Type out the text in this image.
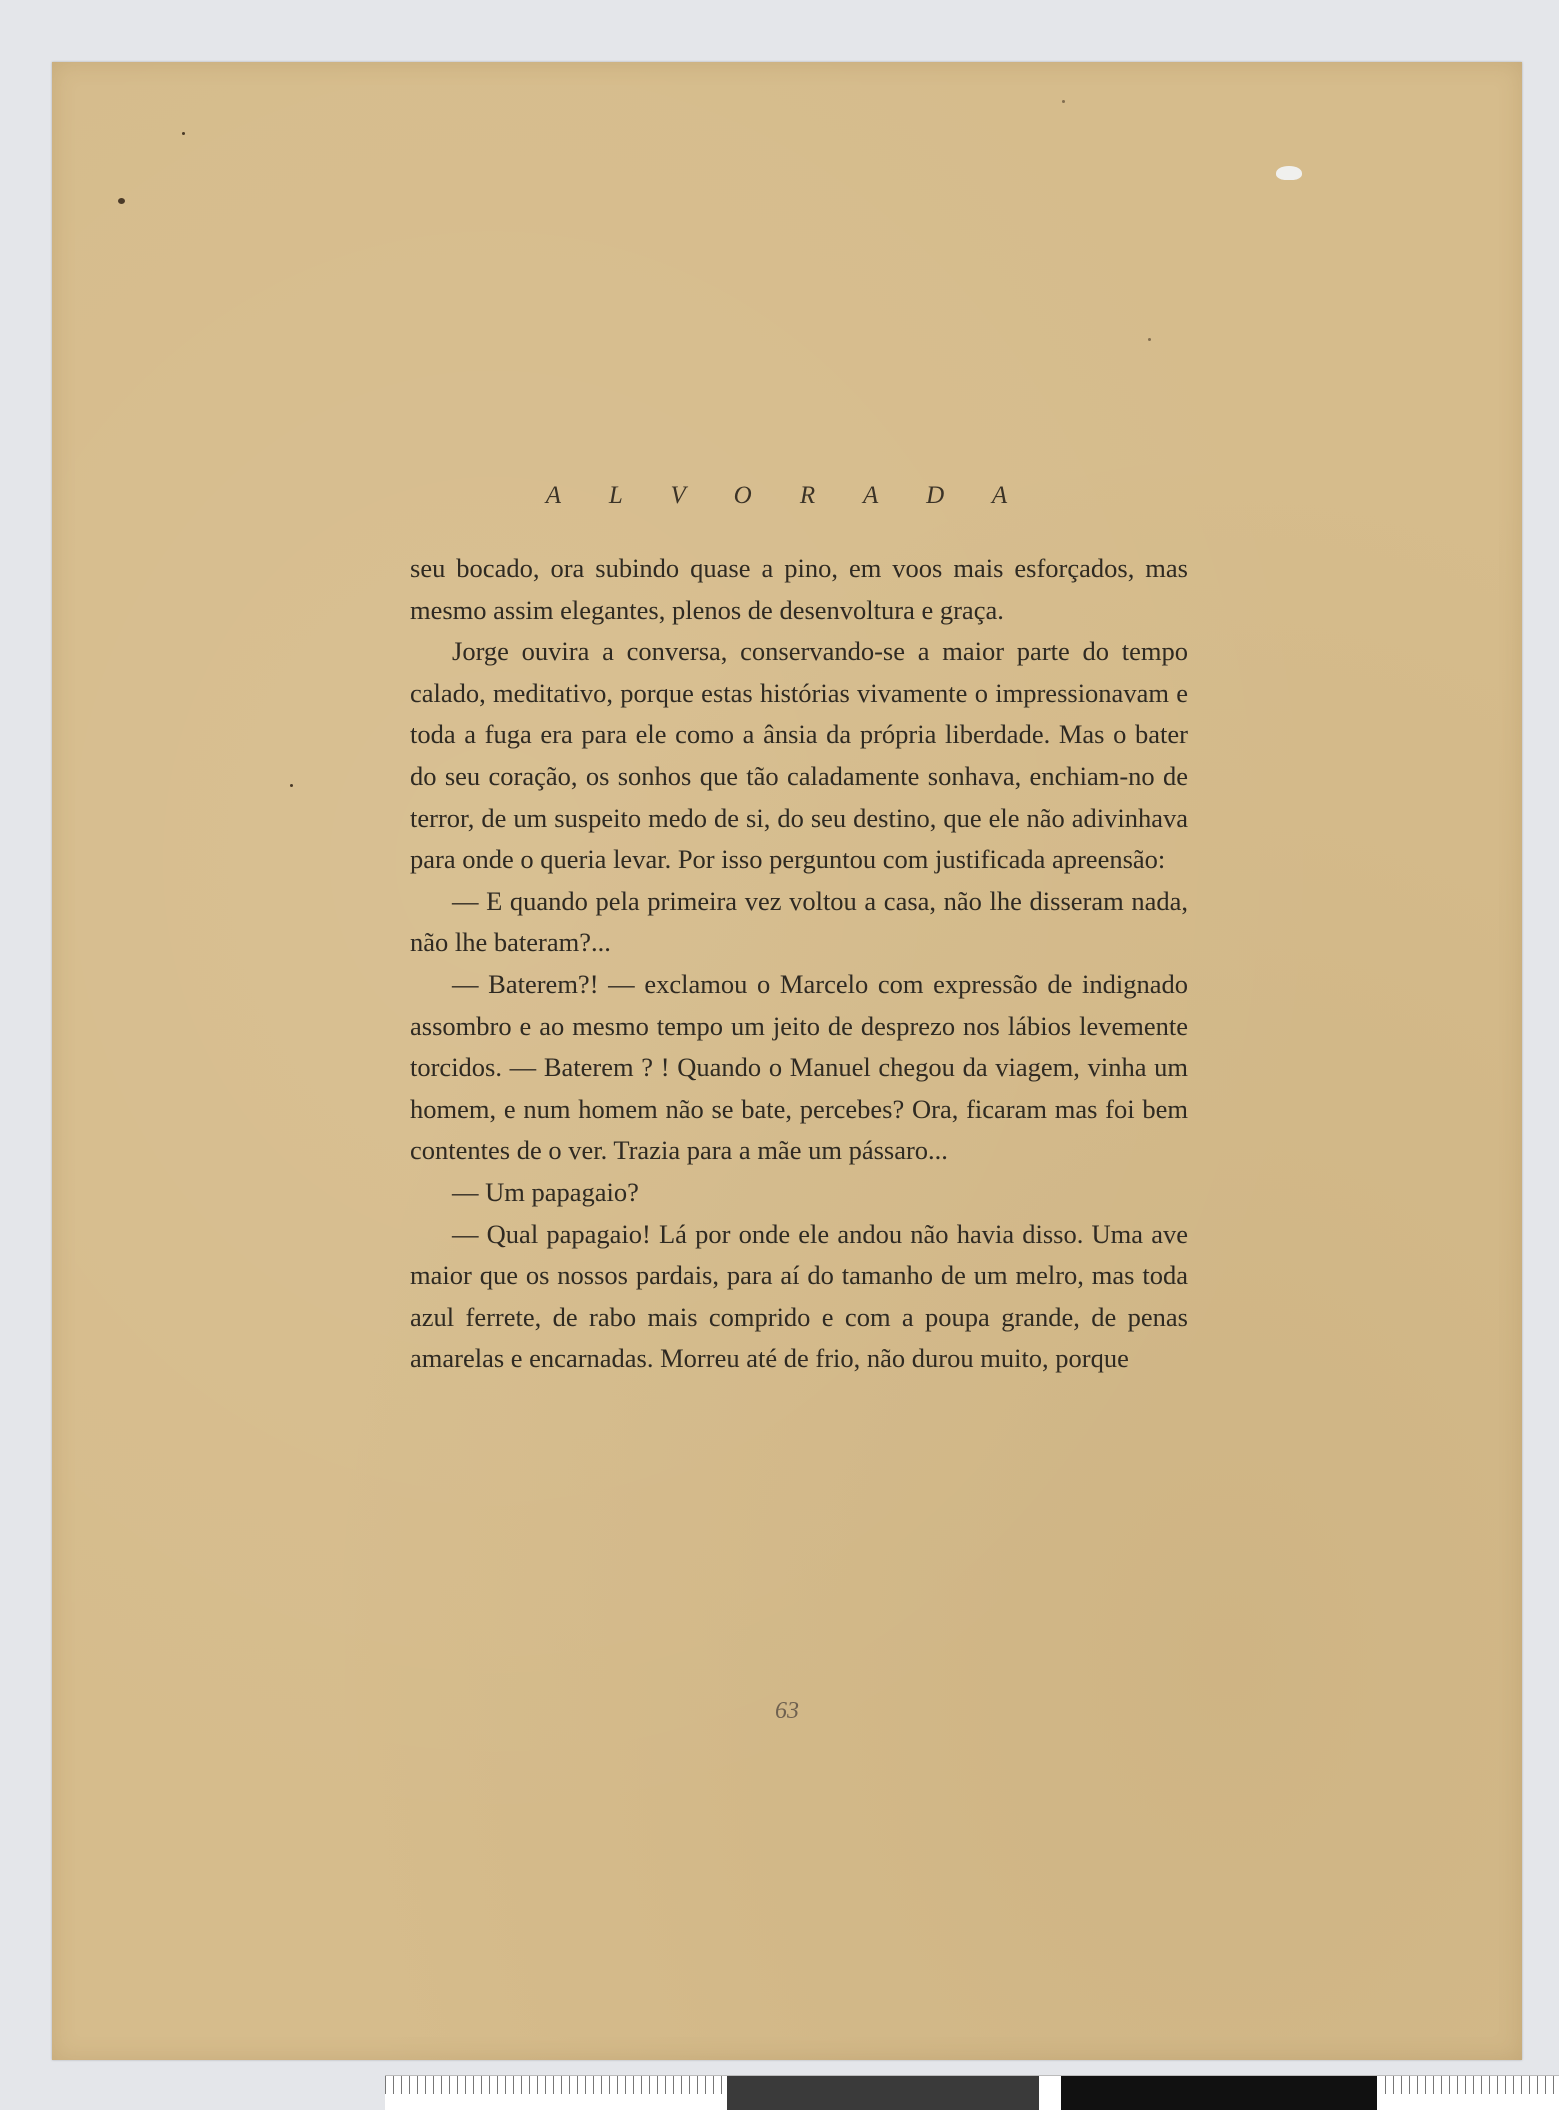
A L V O R A D A

seu bocado, ora subindo quase a pino, em voos mais esforçados, mas mesmo assim elegantes, plenos de desenvoltura e graça.

Jorge ouvira a conversa, conservando-se a maior parte do tempo calado, meditativo, porque estas histórias vivamente o impressionavam e toda a fuga era para ele como a ânsia da própria liberdade. Mas o bater do seu coração, os sonhos que tão caladamente sonhava, enchiam-no de terror, de um suspeito medo de si, do seu destino, que ele não adivinhava para onde o queria levar. Por isso perguntou com justificada apreensão:

— E quando pela primeira vez voltou a casa, não lhe disseram nada, não lhe bateram?...

— Baterem?! — exclamou o Marcelo com expressão de indignado assombro e ao mesmo tempo um jeito de desprezo nos lábios levemente torcidos. — Baterem ? ! Quando o Manuel chegou da viagem, vinha um homem, e num homem não se bate, percebes? Ora, ficaram mas foi bem contentes de o ver. Trazia para a mãe um pássaro...

— Um papagaio?

— Qual papagaio! Lá por onde ele andou não havia disso. Uma ave maior que os nossos pardais, para aí do tamanho de um melro, mas toda azul ferrete, de rabo mais comprido e com a poupa grande, de penas amarelas e encarnadas. Morreu até de frio, não durou muito, porque

63
